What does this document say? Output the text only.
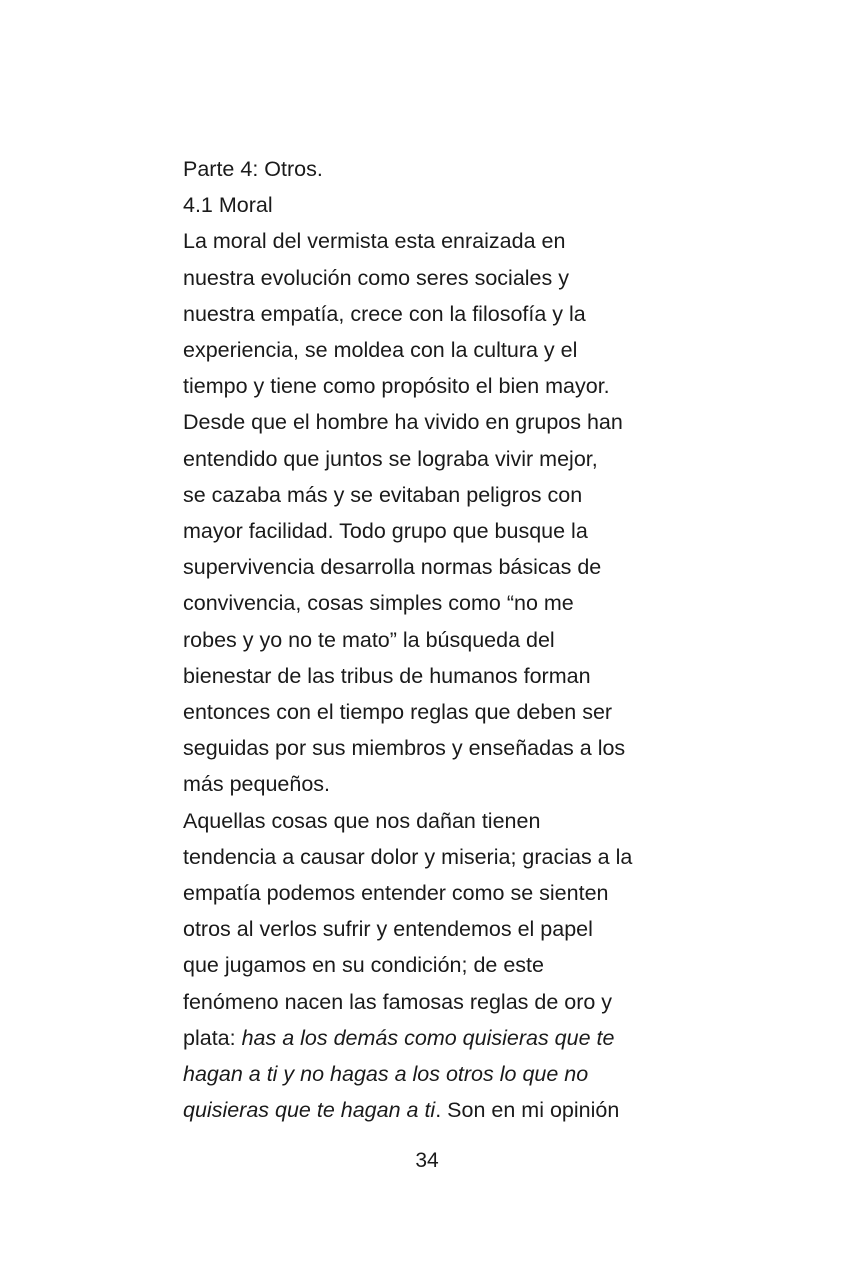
Parte 4: Otros.
4.1 Moral
La moral del vermista esta enraizada en
nuestra evolución como seres sociales y
nuestra empatía, crece con la filosofía y la
experiencia, se moldea con la cultura y el
tiempo y tiene como propósito el bien mayor.
Desde que el hombre ha vivido en grupos han
entendido que juntos se lograba vivir mejor,
se cazaba más y se evitaban peligros con
mayor facilidad. Todo grupo que busque la
supervivencia desarrolla normas básicas de
convivencia, cosas simples como “no me
robes y yo no te mato” la búsqueda del
bienestar de las tribus de humanos forman
entonces con el tiempo reglas que deben ser
seguidas por sus miembros y enseñadas a los
más pequeños.
Aquellas cosas que nos dañan tienen
tendencia a causar dolor y miseria; gracias a la
empatía podemos entender como se sienten
otros al verlos sufrir y entendemos el papel
que jugamos en su condición; de este
fenómeno nacen las famosas reglas de oro y
plata: has a los demás como quisieras que te
hagan a ti y no hagas a los otros lo que no
quisieras que te hagan a ti. Son en mi opinión
34
